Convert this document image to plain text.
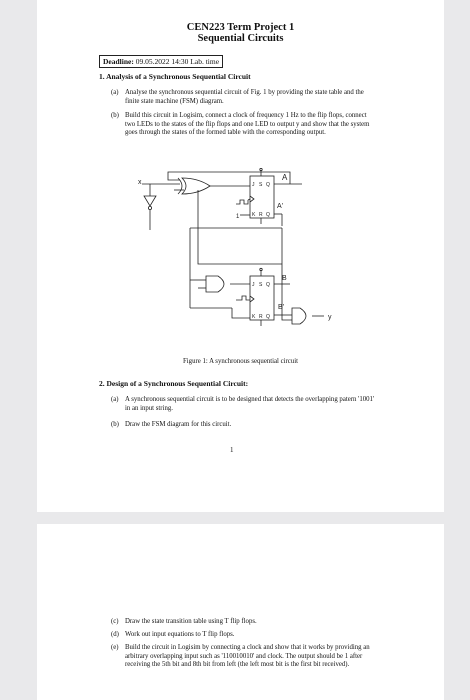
CEN223 Term Project 1
Sequential Circuits
Deadline: 09.05.2022 14:30 Lab. time
1. Analysis of a Synchronous Sequential Circuit
(a) Analyse the synchronous sequential circuit of Fig. 1 by providing the state table and the finite state machine (FSM) diagram.
(b) Build this circuit in Logisim, connect a clock of frequency 1 Hz to the flip flops, connect two LEDs to the states of the flip flops and one LED to output y and show that the system goes through the states of the formed table with the corresponding output.
x	J S Q
K R Q
A
A'
1
J S Q
K R Q
B
B'
y
Figure 1: A synchronous sequential circuit
2. Design of a Synchronous Sequential Circuit:
(a) A synchronous sequential circuit is to be designed that detects the overlapping patern '1001' in an input string.
(b) Draw the FSM diagram for this circuit.
1
(c) Draw the state transition table using T flip flops.
(d) Work out input equations to T flip flops.
(e) Build the circuit in Logisim by connecting a clock and show that it works by providing an arbitrary overlapping input such as '110010010' and clock. The output should be 1 after receiving the 5th bit and 8th bit from left (the left most bit is the first bit received).
